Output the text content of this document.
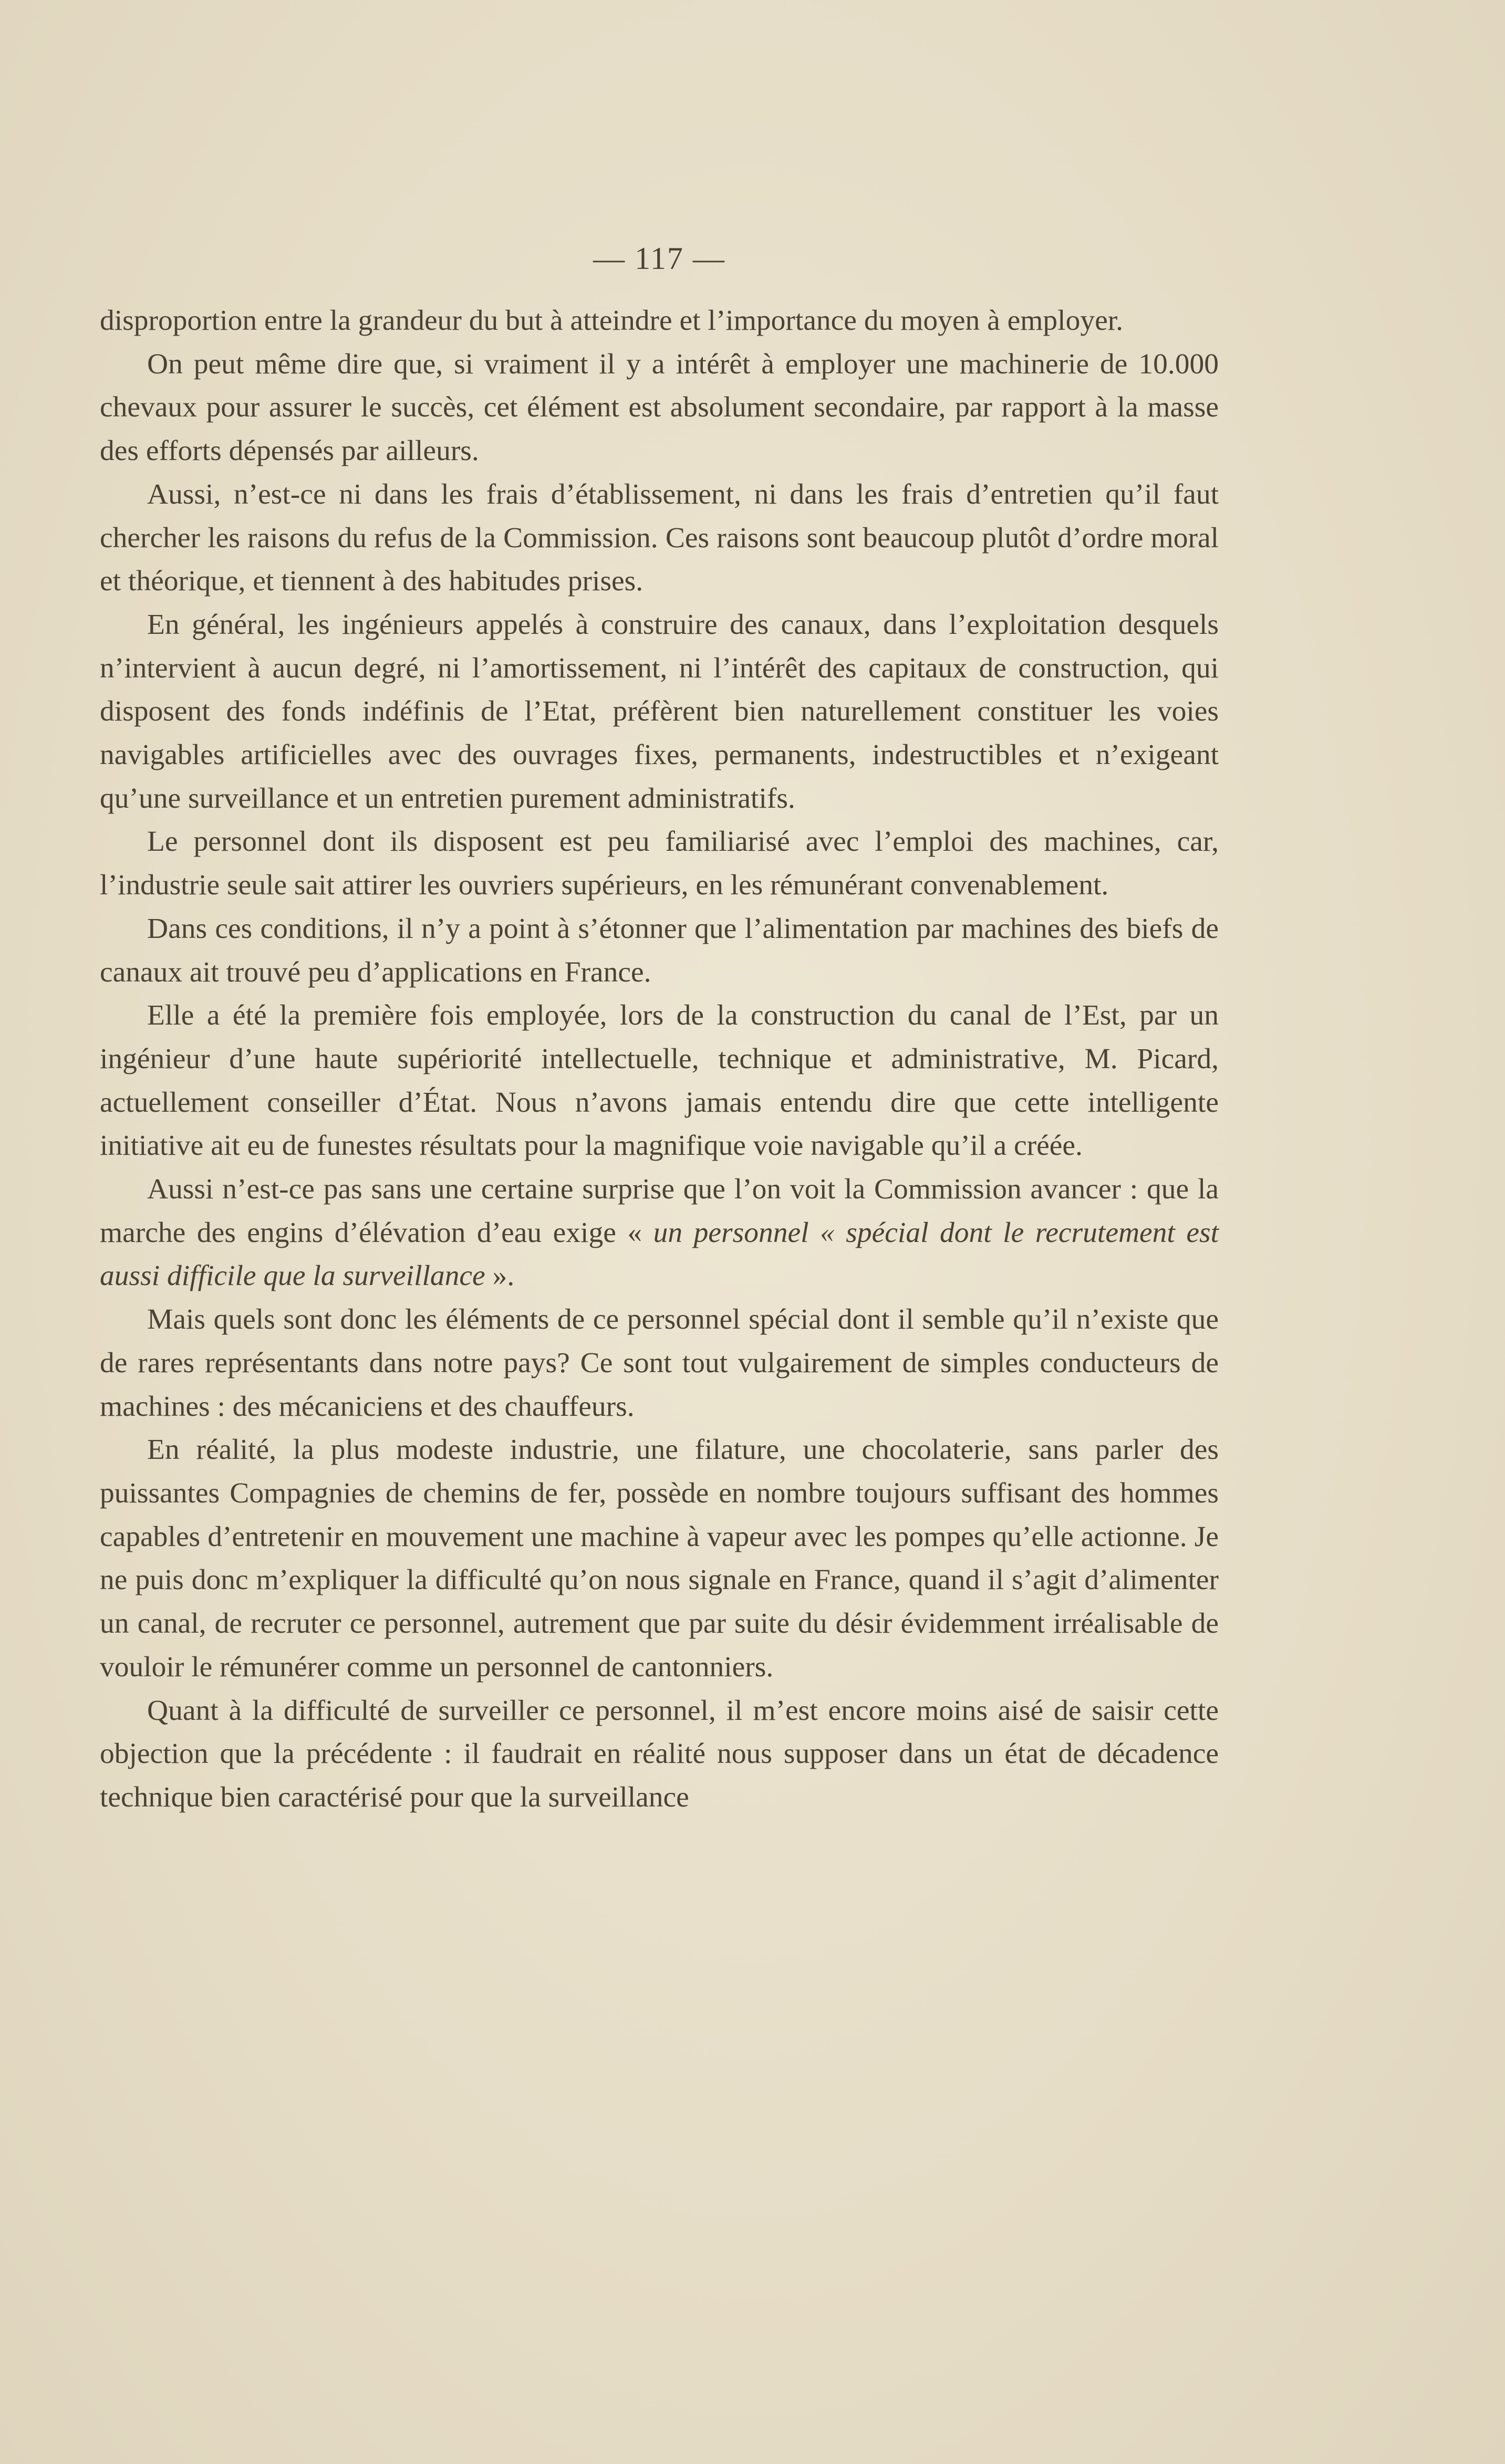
— 117 —

disproportion entre la grandeur du but à atteindre et l’importance du moyen à employer.

On peut même dire que, si vraiment il y a intérêt à employer une machinerie de 10.000 chevaux pour assurer le succès, cet élément est absolument secondaire, par rapport à la masse des efforts dépensés par ailleurs.

Aussi, n’est-ce ni dans les frais d’établissement, ni dans les frais d’entretien qu’il faut chercher les raisons du refus de la Commission. Ces raisons sont beaucoup plutôt d’ordre moral et théorique, et tiennent à des habitudes prises.

En général, les ingénieurs appelés à construire des canaux, dans l’exploitation desquels n’intervient à aucun degré, ni l’amortissement, ni l’intérêt des capitaux de construction, qui disposent des fonds indéfinis de l’Etat, préfèrent bien naturellement constituer les voies navigables artificielles avec des ouvrages fixes, permanents, indestructibles et n’exigeant qu’une surveillance et un entretien purement administratifs.

Le personnel dont ils disposent est peu familiarisé avec l’emploi des machines, car, l’industrie seule sait attirer les ouvriers supérieurs, en les rémunérant convenablement.

Dans ces conditions, il n’y a point à s’étonner que l’alimentation par machines des biefs de canaux ait trouvé peu d’applications en France.

Elle a été la première fois employée, lors de la construction du canal de l’Est, par un ingénieur d’une haute supériorité intellectuelle, technique et administrative, M. Picard, actuellement conseiller d’État. Nous n’avons jamais entendu dire que cette intelligente initiative ait eu de funestes résultats pour la magnifique voie navigable qu’il a créée.

Aussi n’est-ce pas sans une certaine surprise que l’on voit la Commission avancer : que la marche des engins d’élévation d’eau exige « un personnel « spécial dont le recrutement est aussi difficile que la surveillance ».

Mais quels sont donc les éléments de ce personnel spécial dont il semble qu’il n’existe que de rares représentants dans notre pays? Ce sont tout vulgairement de simples conducteurs de machines : des mécaniciens et des chauffeurs.

En réalité, la plus modeste industrie, une filature, une chocolaterie, sans parler des puissantes Compagnies de chemins de fer, possède en nombre toujours suffisant des hommes capables d’entretenir en mouvement une machine à vapeur avec les pompes qu’elle actionne. Je ne puis donc m’expliquer la difficulté qu’on nous signale en France, quand il s’agit d’alimenter un canal, de recruter ce personnel, autrement que par suite du désir évidemment irréalisable de vouloir le rémunérer comme un personnel de cantonniers.

Quant à la difficulté de surveiller ce personnel, il m’est encore moins aisé de saisir cette objection que la précédente : il faudrait en réalité nous supposer dans un état de décadence technique bien caractérisé pour que la surveillance
